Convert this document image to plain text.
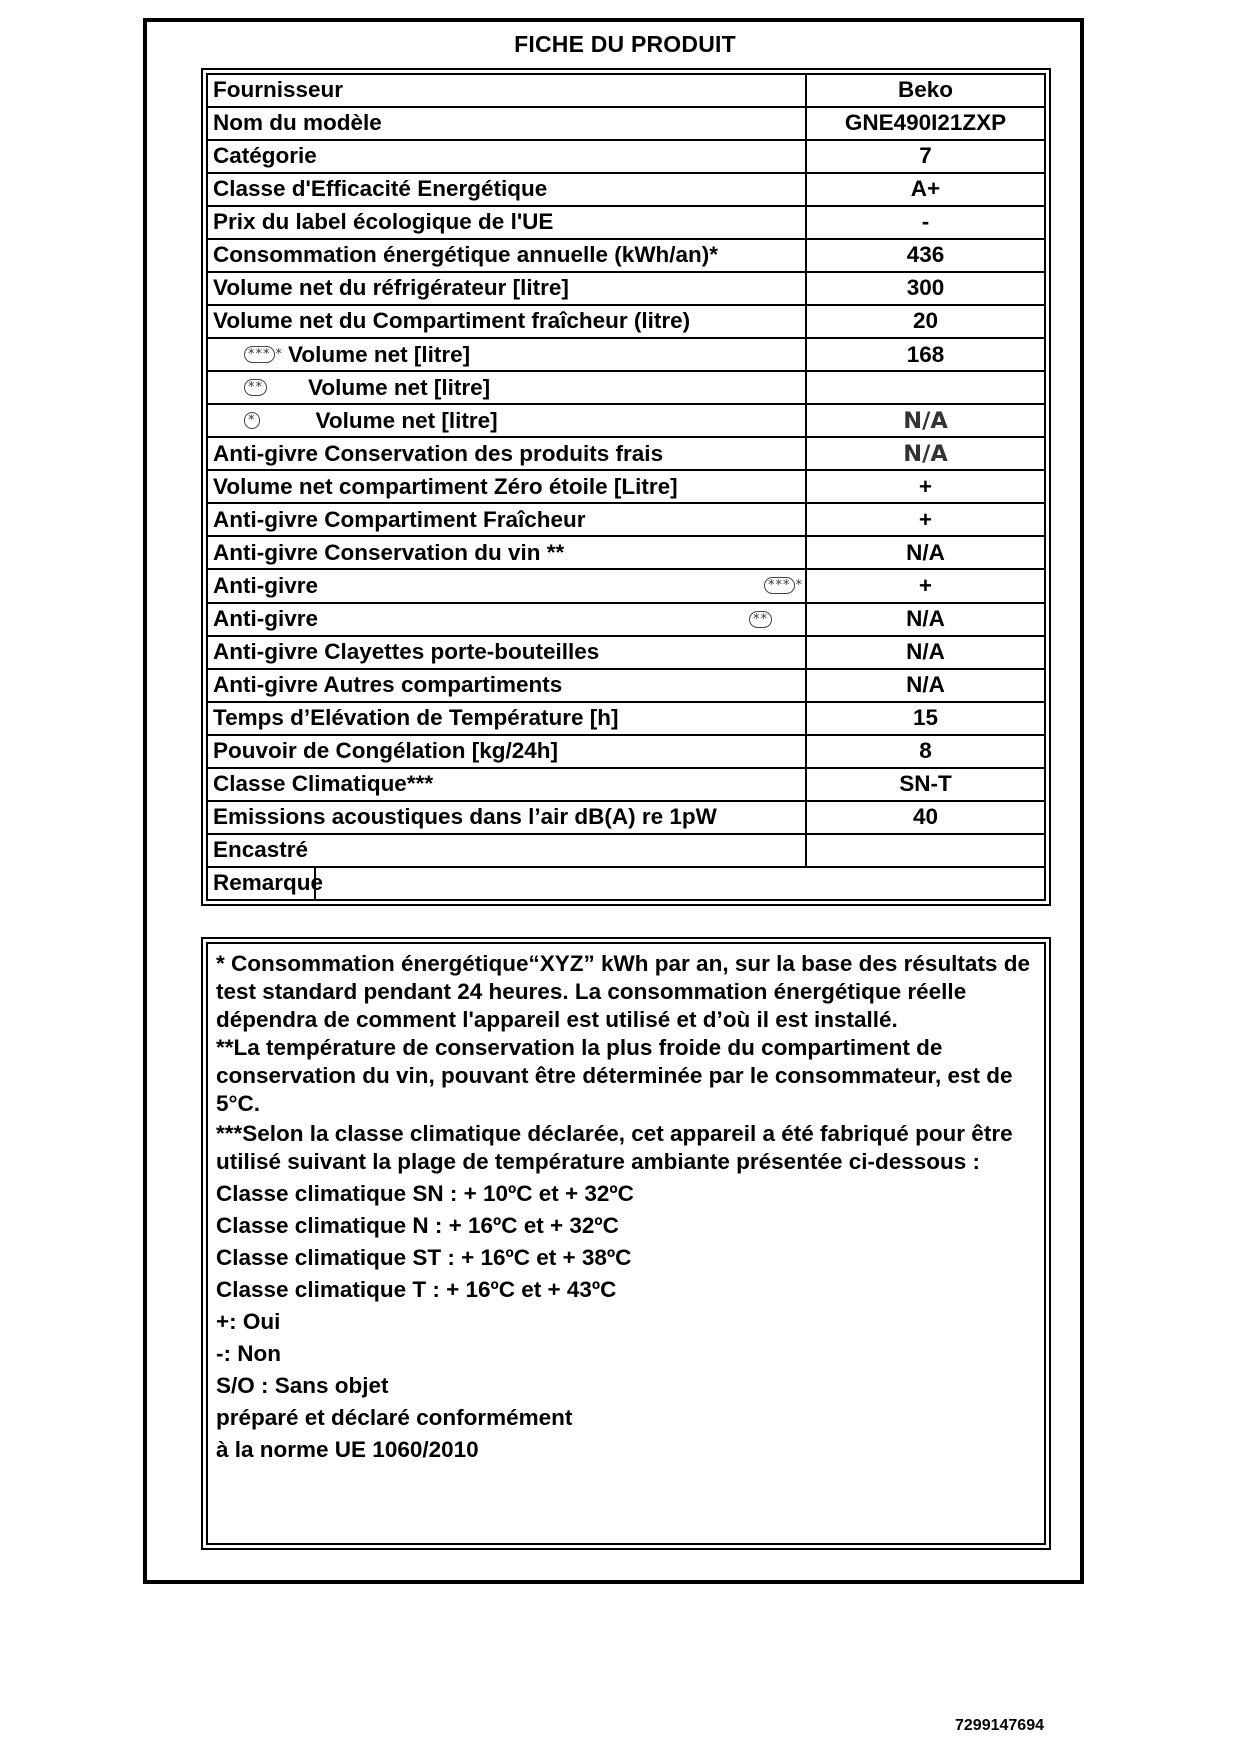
FICHE DU PRODUIT
Fournisseur	Beko
Nom du modèle	GNE490I21ZXP
Catégorie	7
Classe d'Efficacité Energétique	A+
Prix du label écologique de l'UE	-
Consommation énergétique annuelle (kWh/an)*	436
Volume net du réfrigérateur [litre]	300
Volume net du Compartiment fraîcheur (litre)	20

*** * Volume net [litre]	168

** Volume net [litre]	

* Volume net [litre]	N/A
Anti-givre Conservation des produits frais	N/A
Volume net compartiment Zéro étoile [Litre]	+
Anti-givre Compartiment Fraîcheur	+
Anti-givre Conservation du vin **	N/A

Anti-givre *** *	+

Anti-givre **	N/A
Anti-givre Clayettes porte-bouteilles	N/A
Anti-givre Autres compartiments	N/A
Temps d’Elévation de Température [h]	15
Pouvoir de Congélation [kg/24h]	8
Classe Climatique***	SN-T
Emissions acoustiques dans l’air dB(A) re 1pW	40
Encastré	
Remarque	

* Consommation énergétique“XYZ” kWh par an, sur la base des résultats de test standard pendant 24 heures. La consommation énergétique réelle dépendra de comment l'appareil est utilisé et d’où il est installé.

**La température de conservation la plus froide du compartiment de conservation du vin, pouvant être déterminée par le consommateur, est de 5°C.

***Selon la classe climatique déclarée, cet appareil a été fabriqué pour être utilisé suivant la plage de température ambiante présentée ci-dessous :

Classe climatique SN : + 10ºC et + 32ºC

Classe climatique N : + 16ºC et + 32ºC

Classe climatique ST : + 16ºC et + 38ºC

Classe climatique T : + 16ºC et + 43ºC

+: Oui

-: Non

S/O : Sans objet

préparé et déclaré conformément

à la norme UE 1060/2010

7299147694
